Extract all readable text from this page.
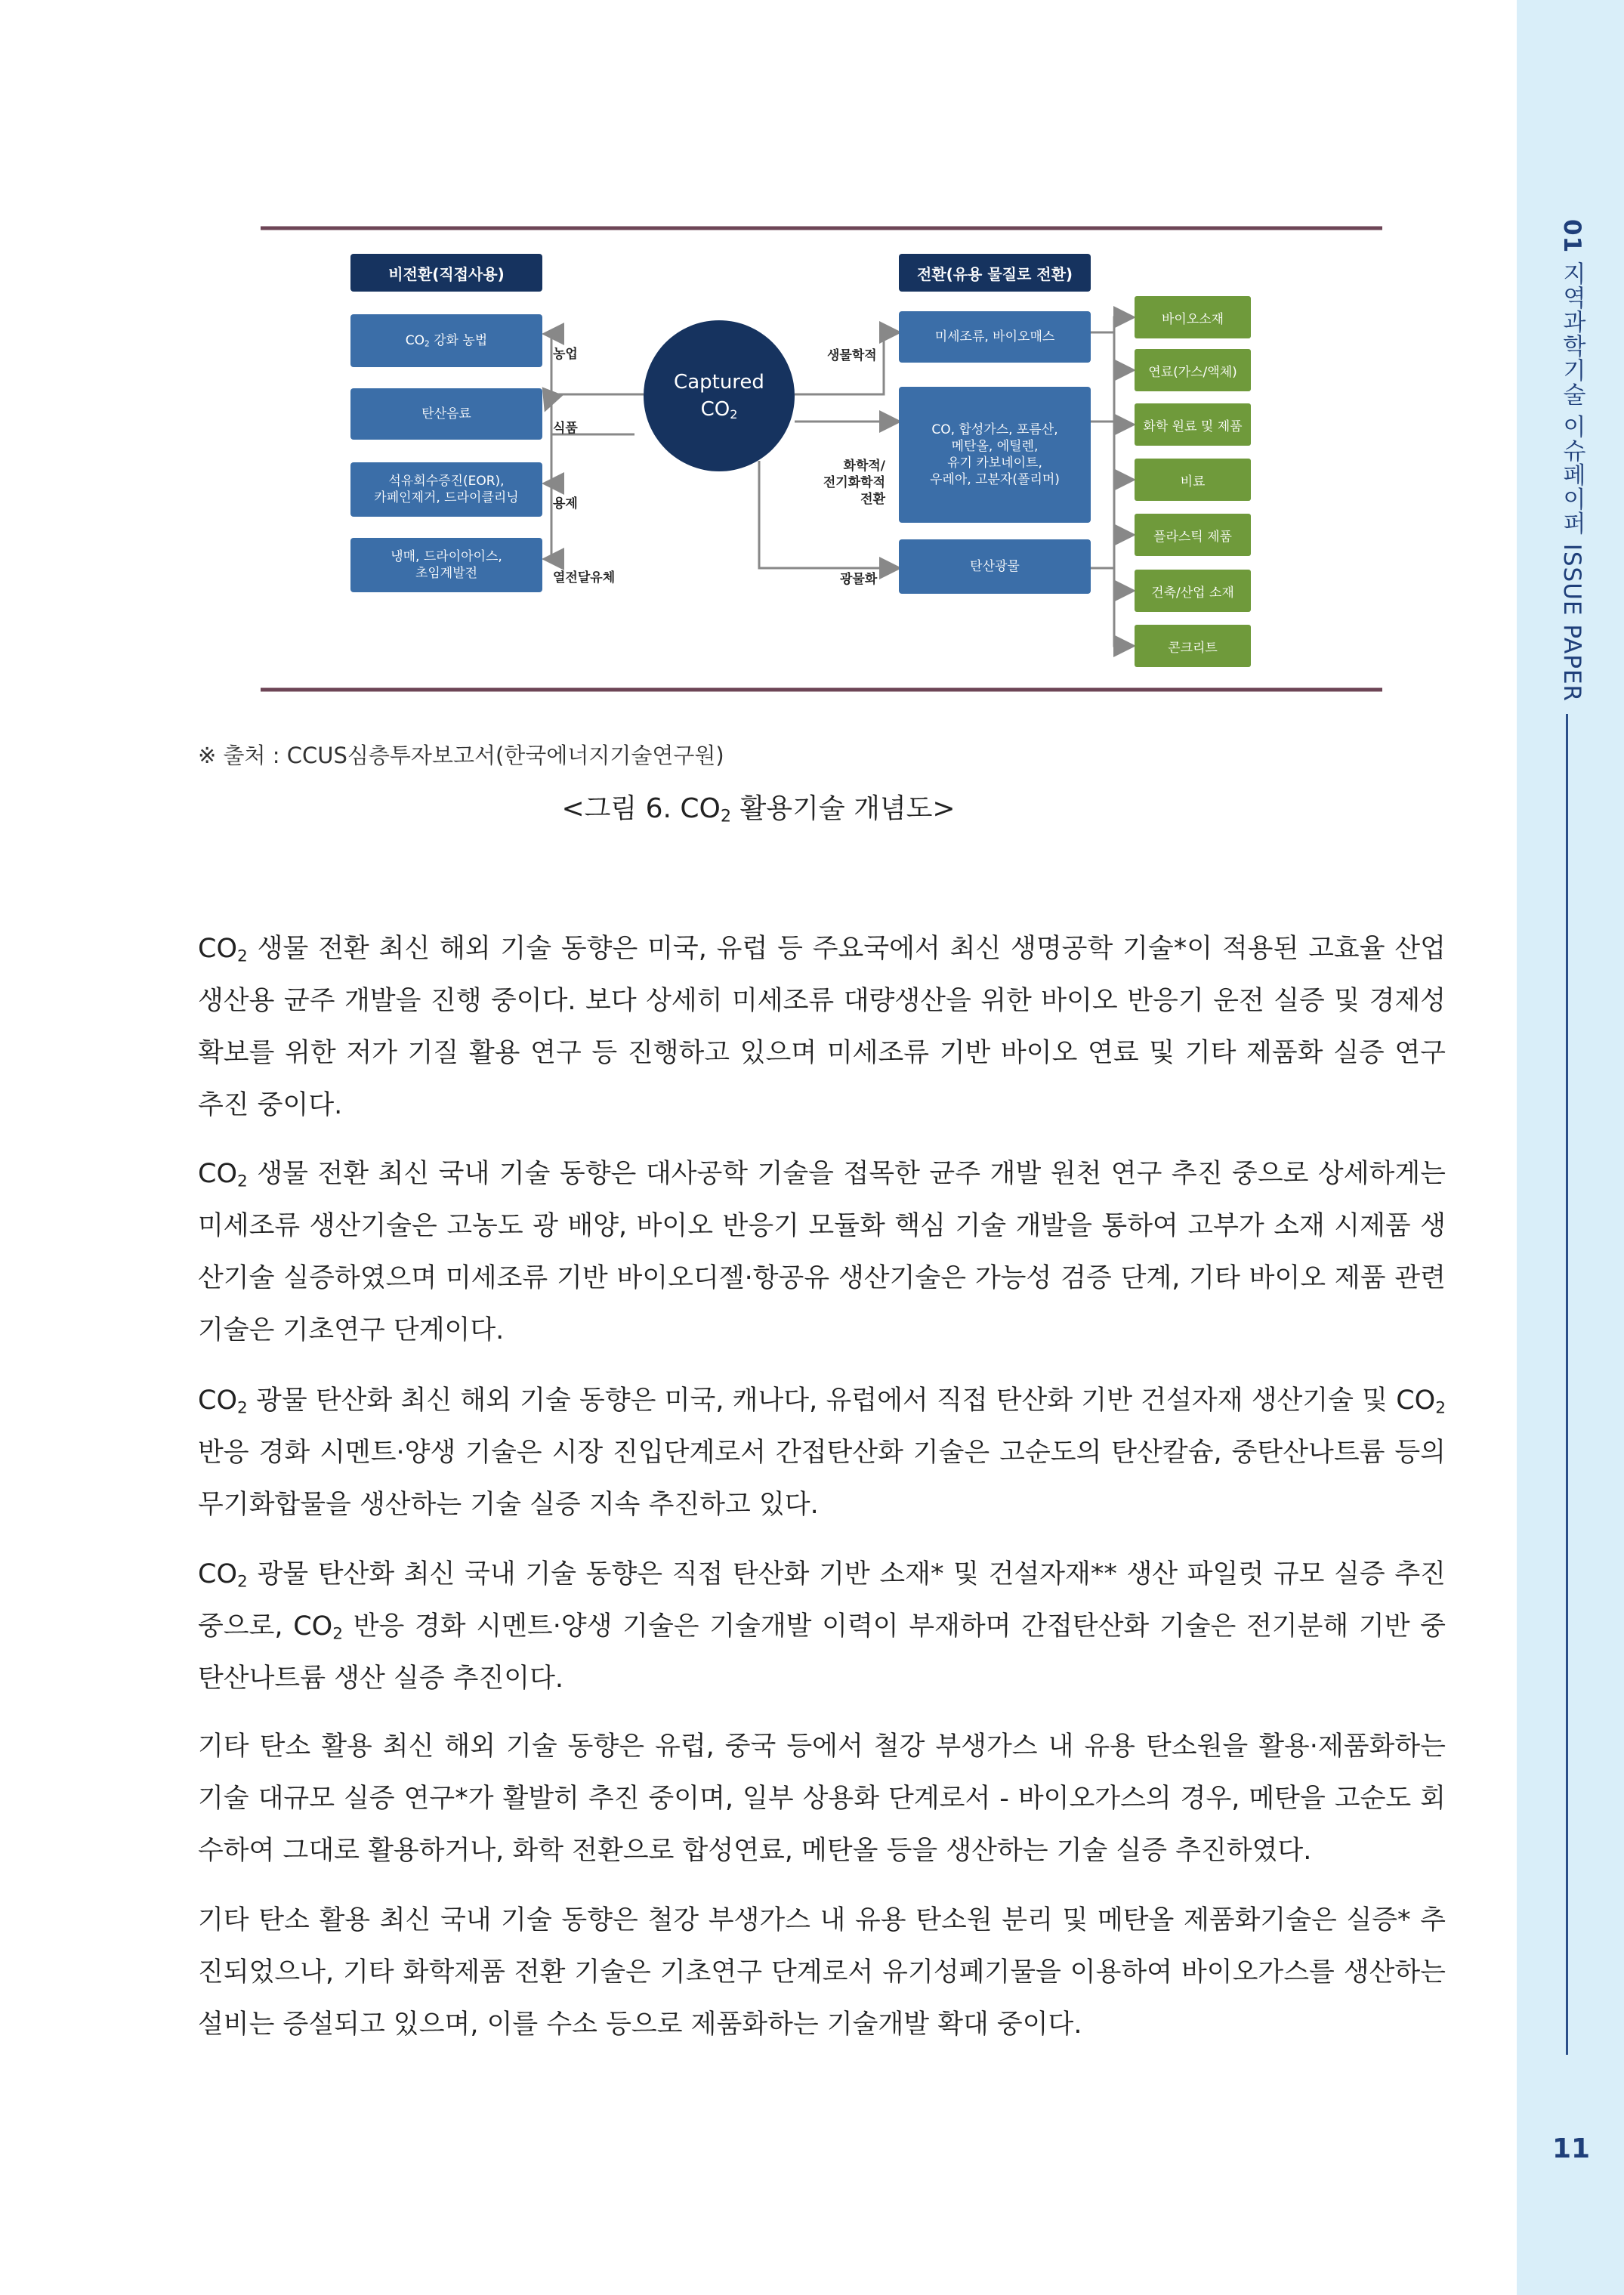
01 지역과학기술 이슈페이퍼 ISSUE PAPER
11
비전환(직접사용)	전환(유용 물질로 전환)
Captured
$CO_2$
$CO_2$ 강화 농법
탄산음료
석유회수증진(EOR),
카페인제거, 드라이클리닝
냉매, 드라이아이스,
초임계발전
농업
식품
용제
열전달유체
미세조류, 바이오매스
CO, 합성가스, 포름산,
메탄올, 에틸렌,
유기 카보네이트,
우레아, 고분자(폴리머)
탄산광물
생물학적
화학적/
전기화학적
전환
광물화
바이오소재
연료(가스/액체)
화학 원료 및 제품
비료
플라스틱 제품
건축/산업 소재
콘크리트
※ 출처 : CCUS심층투자보고서(한국에너지기술연구원)
<그림 6. $CO_2$ 활용기술 개념도>

$CO_2$ 생물 전환 최신 해외 기술 동향은 미국, 유럽 등 주요국에서 최신 생명공학 기술*이 적용된 고효율 산업생산용 균주 개발을 진행 중이다. 보다 상세히 미세조류 대량생산을 위한 바이오 반응기 운전 실증 및 경제성 확보를 위한 저가 기질 활용 연구 등 진행하고 있으며 미세조류 기반 바이오 연료 및 기타 제품화 실증 연구 추진 중이다.

$CO_2$ 생물 전환 최신 국내 기술 동향은 대사공학 기술을 접목한 균주 개발 원천 연구 추진 중으로 상세하게는 미세조류 생산기술은 고농도 광 배양, 바이오 반응기 모듈화 핵심 기술 개발을 통하여 고부가 소재 시제품 생산기술 실증하였으며 미세조류 기반 바이오디젤·항공유 생산기술은 가능성 검증 단계, 기타 바이오 제품 관련 기술은 기초연구 단계이다.

$CO_2$ 광물 탄산화 최신 해외 기술 동향은 미국, 캐나다, 유럽에서 직접 탄산화 기반 건설자재 생산기술 및 $CO_2$ 반응 경화 시멘트·양생 기술은 시장 진입단계로서 간접탄산화 기술은 고순도의 탄산칼슘, 중탄산나트륨 등의 무기화합물을 생산하는 기술 실증 지속 추진하고 있다.

$CO_2$ 광물 탄산화 최신 국내 기술 동향은 직접 탄산화 기반 소재* 및 건설자재** 생산 파일럿 규모 실증 추진 중으로, $CO_2$ 반응 경화 시멘트·양생 기술은 기술개발 이력이 부재하며 간접탄산화 기술은 전기분해 기반 중탄산나트륨 생산 실증 추진이다.

기타 탄소 활용 최신 해외 기술 동향은 유럽, 중국 등에서 철강 부생가스 내 유용 탄소원을 활용·제품화하는 기술 대규모 실증 연구*가 활발히 추진 중이며, 일부 상용화 단계로서 - 바이오가스의 경우, 메탄을 고순도 회수하여 그대로 활용하거나, 화학 전환으로 합성연료, 메탄올 등을 생산하는 기술 실증 추진하였다.

기타 탄소 활용 최신 국내 기술 동향은 철강 부생가스 내 유용 탄소원 분리 및 메탄올 제품화기술은 실증* 추진되었으나, 기타 화학제품 전환 기술은 기초연구 단계로서 유기성폐기물을 이용하여 바이오가스를 생산하는 설비는 증설되고 있으며, 이를 수소 등으로 제품화하는 기술개발 확대 중이다.
